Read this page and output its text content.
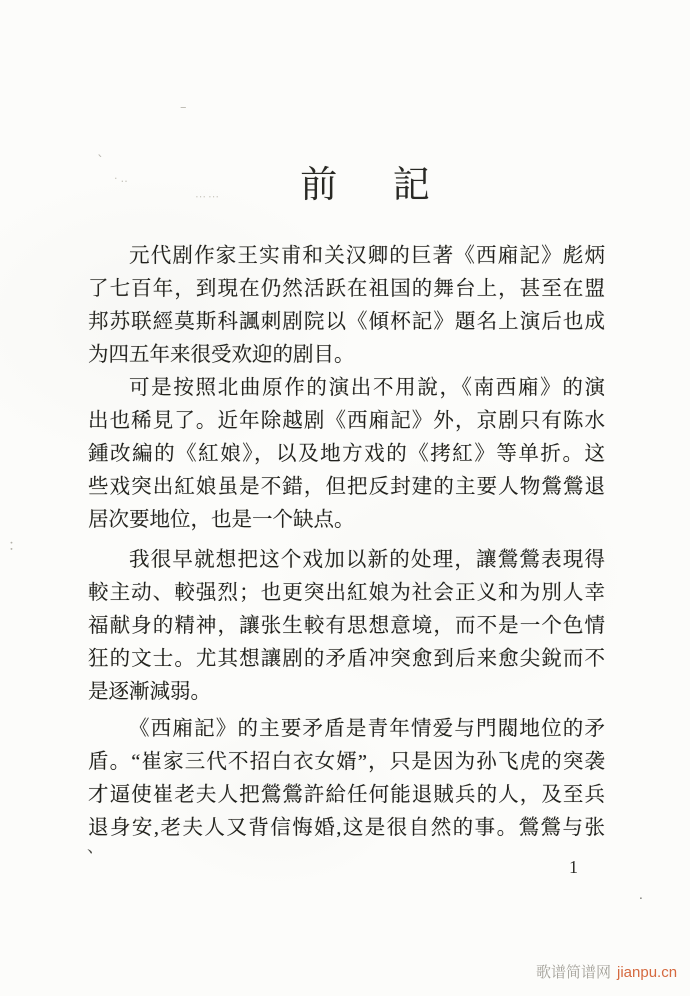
前記
元代剧作家王实甫和关汉卿的巨著《西廂記》彪炳
了七百年，到現在仍然活跃在祖国的舞台上，甚至在盟
邦苏联經莫斯科諷刺剧院以《傾杯記》題名上演后也成
为四五年来很受欢迎的剧目。
可是按照北曲原作的演出不用說，《南西廂》的演
出也稀見了。近年除越剧《西廂記》外，京剧只有陈水
鍾改編的《紅娘》，以及地方戏的《拷紅》等单折。这
些戏突出紅娘虽是不錯，但把反封建的主要人物鶯鶯退
居次要地位，也是一个缺点。
我很早就想把这个戏加以新的处理，讓鶯鶯表現得
較主动、較强烈；也更突出紅娘为社会正义和为別人幸
福献身的精神，讓张生較有思想意境，而不是一个色情
狂的文士。尤其想讓剧的矛盾冲突愈到后来愈尖銳而不
是逐漸減弱。
《西廂記》的主要矛盾是青年情爱与門閥地位的矛
盾。“崔家三代不招白衣女婿”，只是因为孙飞虎的突袭
才逼使崔老夫人把鶯鶯許給任何能退賊兵的人，及至兵
退身安,老夫人又背信悔婚,这是很自然的事。鶯鶯与张
1
歌谱简谱网 jianpu.cn
–
`
·‥
⋯⋯
：
、
.
